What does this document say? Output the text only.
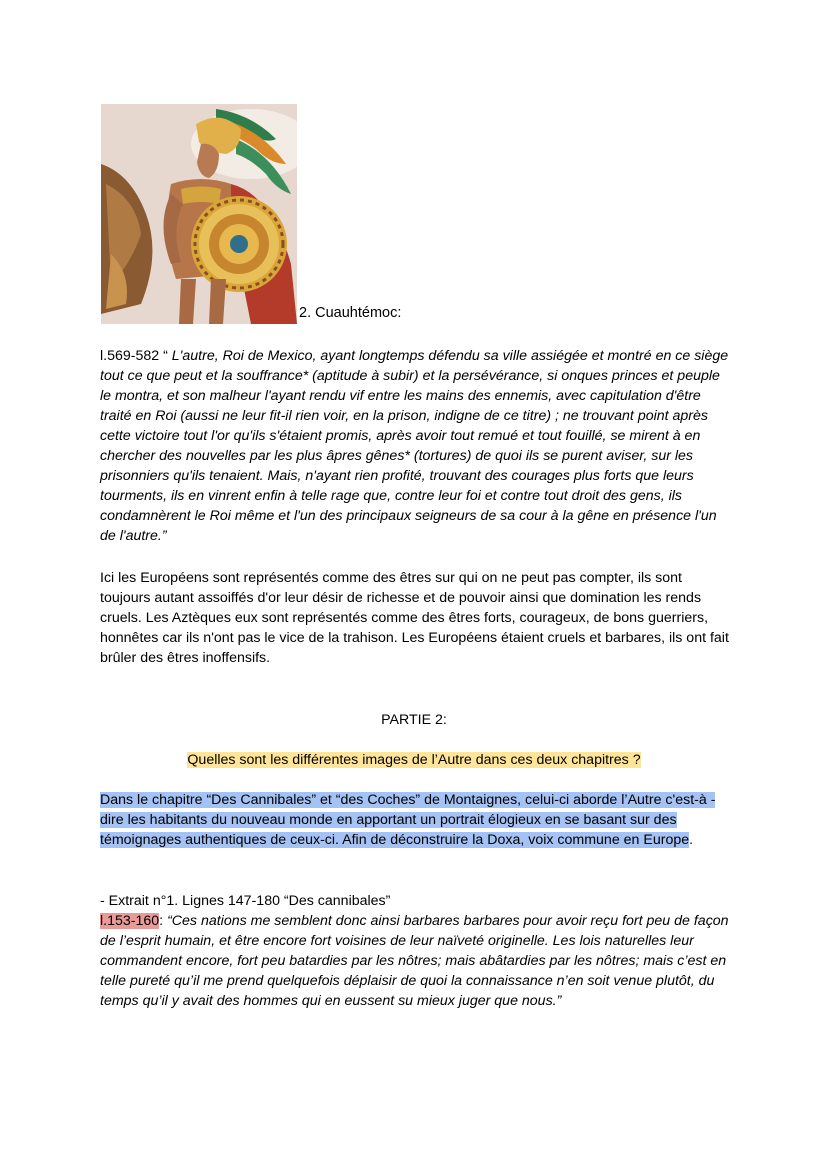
2. Cuauhtémoc:
l.569-582 “ L'autre, Roi de Mexico, ayant longtemps défendu sa ville assiégée et montré en ce siège tout ce que peut et la souffrance* (aptitude à subir) et la persévérance, si onques princes et peuple le montra, et son malheur l'ayant rendu vif entre les mains des ennemis, avec capitulation d'être traité en Roi (aussi ne leur fit-il rien voir, en la prison, indigne de ce titre) ; ne trouvant point après cette victoire tout l'or qu'ils s'étaient promis, après avoir tout remué et tout fouillé, se mirent à en chercher des nouvelles par les plus âpres gênes* (tortures) de quoi ils se purent aviser, sur les prisonniers qu'ils tenaient. Mais, n'ayant rien profité, trouvant des courages plus forts que leurs tourments, ils en vinrent enfin à telle rage que, contre leur foi et contre tout droit des gens, ils condamnèrent le Roi même et l'un des principaux seigneurs de sa cour à la gêne en présence l'un de l'autre.”
Ici les Européens sont représentés comme des êtres sur qui on ne peut pas compter, ils sont toujours autant assoiffés d'or leur désir de richesse et de pouvoir ainsi que domination les rends cruels. Les Aztèques eux sont représentés comme des êtres forts, courageux, de bons guerriers, honnêtes car ils n'ont pas le vice de la trahison. Les Européens étaient cruels et barbares, ils ont fait brûler des êtres inoffensifs.
PARTIE 2:
Quelles sont les différentes images de l’Autre dans ces deux chapitres ?
Dans le chapitre “Des Cannibales” et “des Coches” de Montaignes, celui-ci aborde l’Autre c'est-à -dire les habitants du nouveau monde en apportant un portrait élogieux en se basant sur des témoignages authentiques de ceux-ci. Afin de déconstruire la Doxa, voix commune en Europe.
- Extrait n°1. Lignes 147-180 “Des cannibales”
l.153-160: “Ces nations me semblent donc ainsi barbares barbares pour avoir reçu fort peu de façon de l’esprit humain, et être encore fort voisines de leur naïveté originelle. Les lois naturelles leur commandent encore, fort peu batardies par les nôtres; mais abâtardies par les nôtres; mais c’est en telle pureté qu’il me prend quelquefois déplaisir de quoi la connaissance n’en soit venue plutôt, du temps qu’il y avait des hommes qui en eussent su mieux juger que nous.”
